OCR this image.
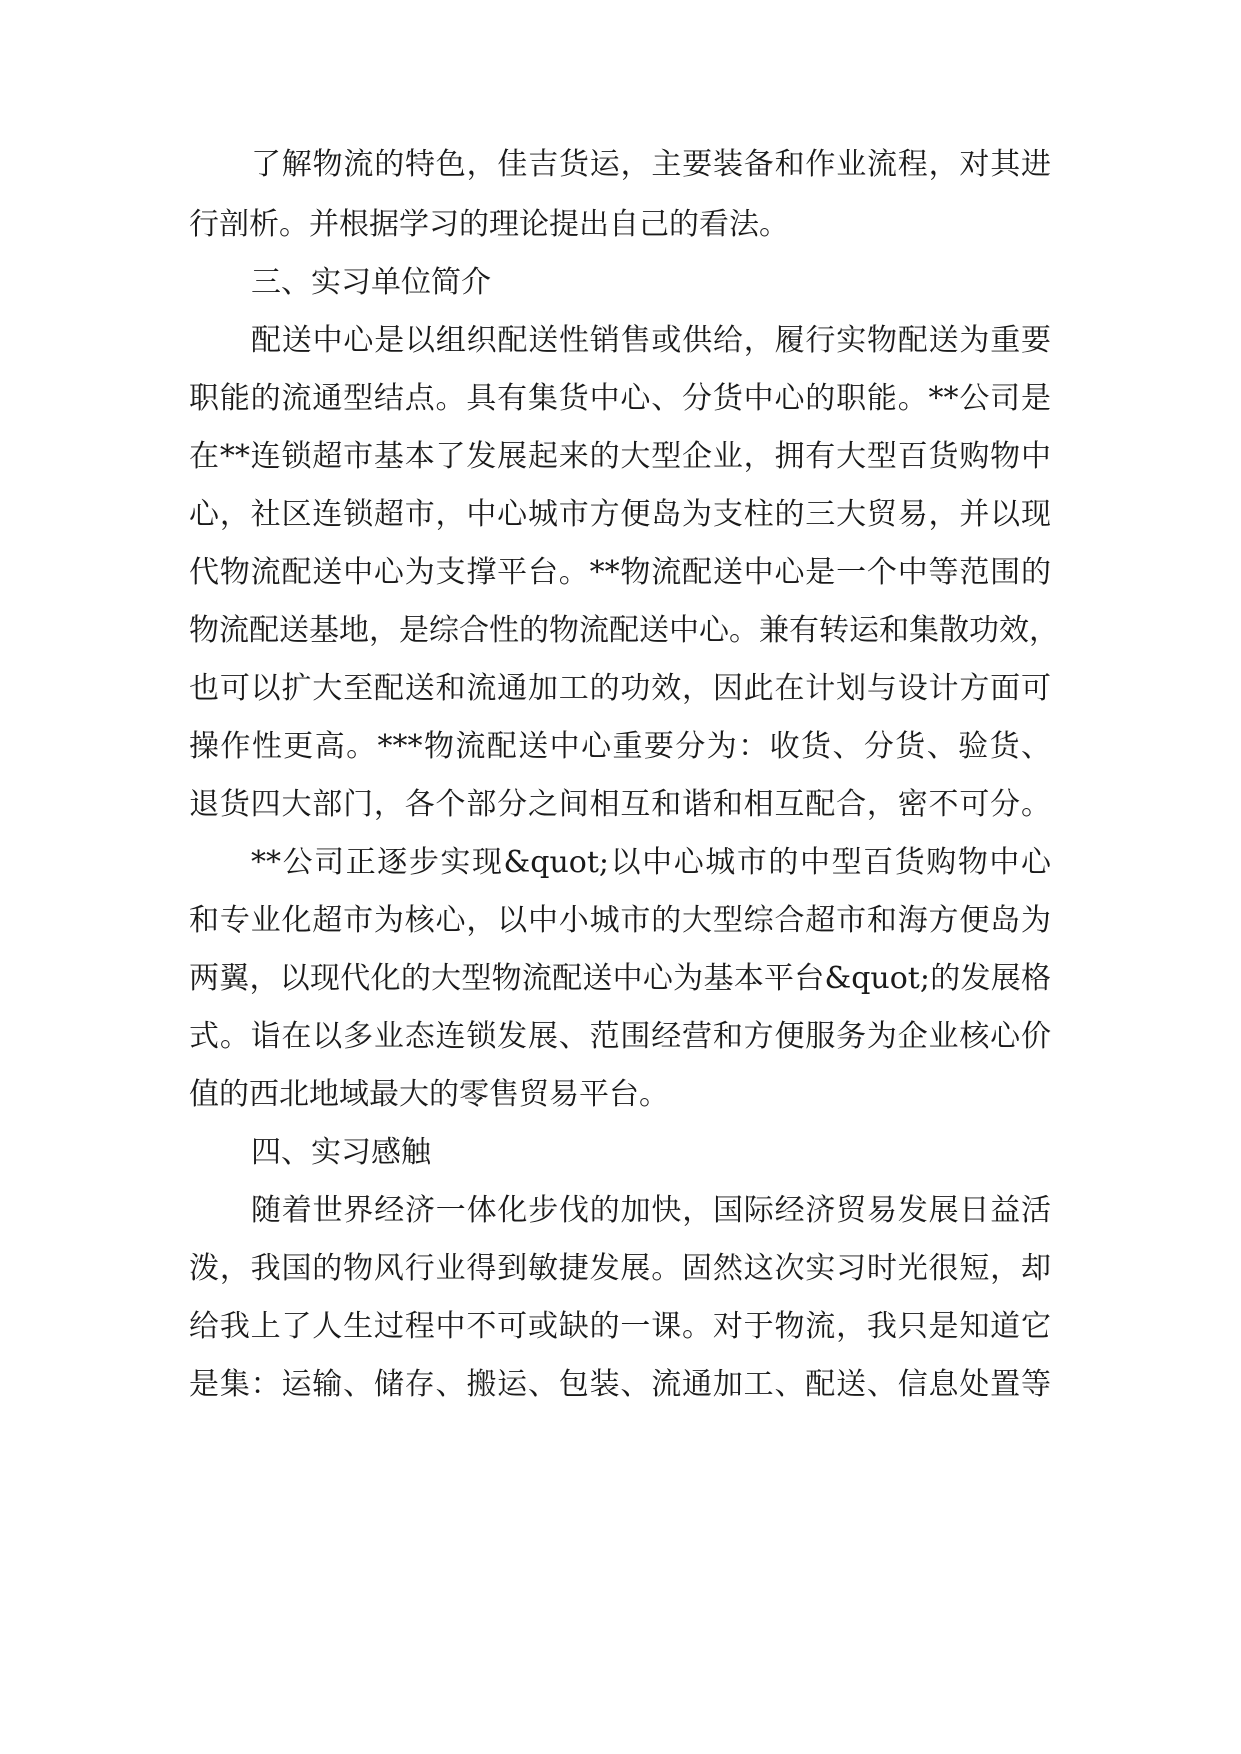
了解物流的特色，佳吉货运，主要装备和作业流程，对其进
行剖析。并根据学习的理论提出自己的看法。
三、实习单位简介
配送中心是以组织配送性销售或供给，履行实物配送为重要
职能的流通型结点。具有集货中心、分货中心的职能。**公司是
在**连锁超市基本了发展起来的大型企业，拥有大型百货购物中
心，社区连锁超市，中心城市方便岛为支柱的三大贸易，并以现
代物流配送中心为支撑平台。**物流配送中心是一个中等范围的
物流配送基地，是综合性的物流配送中心。兼有转运和集散功效，
也可以扩大至配送和流通加工的功效，因此在计划与设计方面可
操作性更高。***物流配送中心重要分为：收货、分货、验货、
退货四大部门，各个部分之间相互和谐和相互配合，密不可分。
**公司正逐步实现&quot;以中心城市的中型百货购物中心
和专业化超市为核心，以中小城市的大型综合超市和海方便岛为
两翼，以现代化的大型物流配送中心为基本平台&quot;的发展格
式。诣在以多业态连锁发展、范围经营和方便服务为企业核心价
值的西北地域最大的零售贸易平台。
四、实习感触
随着世界经济一体化步伐的加快，国际经济贸易发展日益活
泼，我国的物风行业得到敏捷发展。固然这次实习时光很短，却
给我上了人生过程中不可或缺的一课。对于物流，我只是知道它
是集：运输、储存、搬运、包装、流通加工、配送、信息处置等
